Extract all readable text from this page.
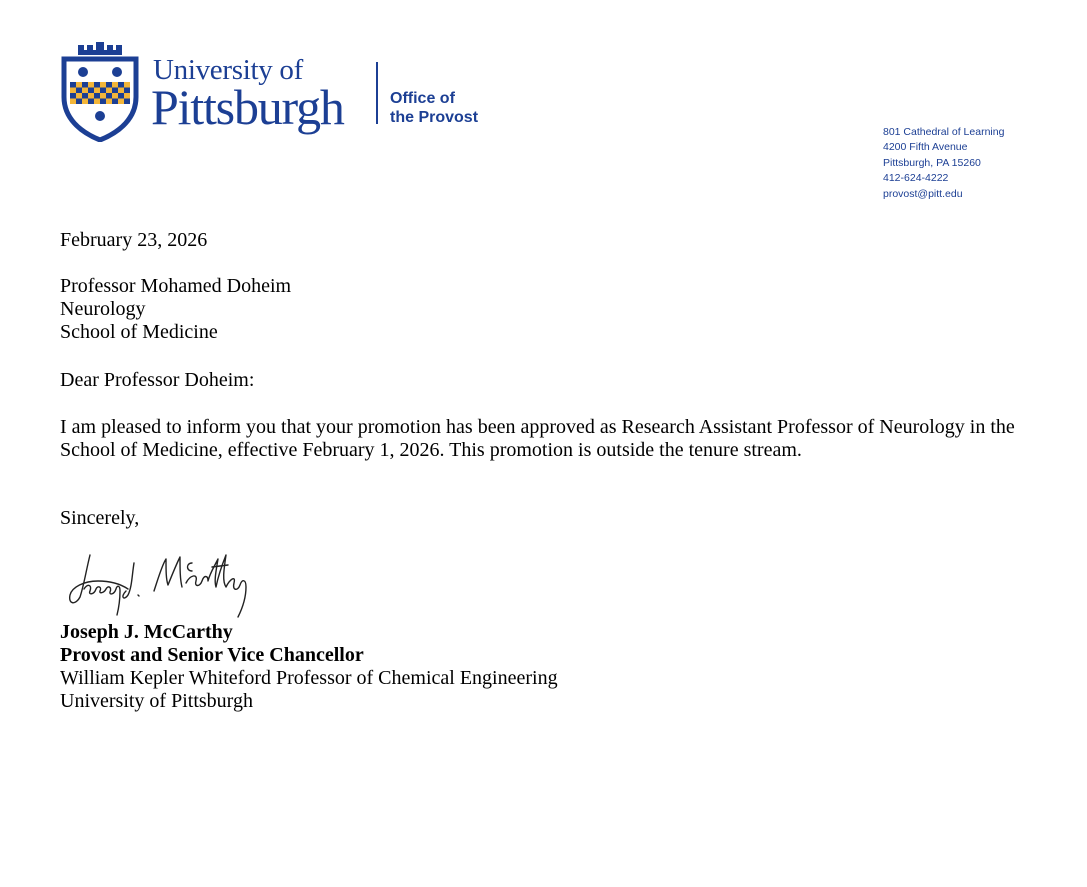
University of
Pittsburgh	Office of
the Provost
801 Cathedral of Learning
4200 Fifth Avenue
Pittsburgh, PA 15260
412-624-4222
provost@pitt.edu
February 23, 2026
Professor Mohamed Doheim
Neurology
School of Medicine
Dear Professor Doheim:
I am pleased to inform you that your promotion has been approved as Research Assistant Professor of Neurology in the School of Medicine, effective February 1, 2026. This promotion is outside the tenure stream.
Sincerely,
Joseph J. McCarthy
Provost and Senior Vice Chancellor
William Kepler Whiteford Professor of Chemical Engineering
University of Pittsburgh
